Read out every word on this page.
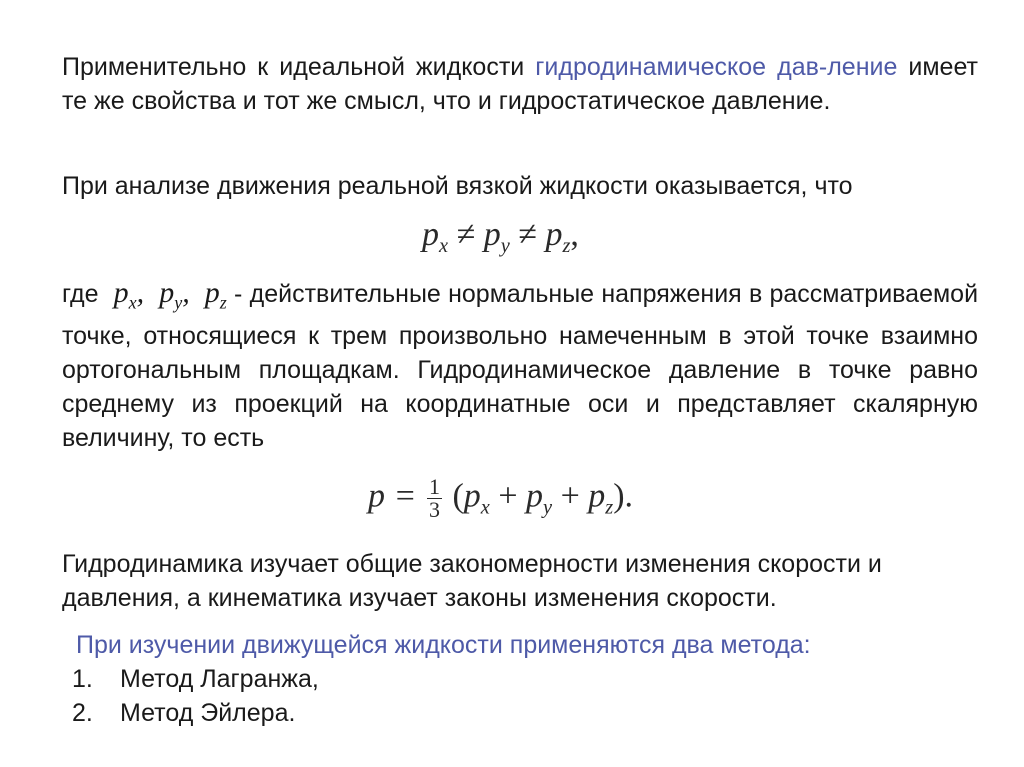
Применительно к идеальной жидкости гидродинамическое дав-ление имеет те же свойства и тот же смысл, что и гидростатическое давление.

При анализе движения реальной вязкой жидкости оказывается, что

$p_x \ne p_y \ne p_z$,

где $p_x$, $p_y$, $p_z$ - действительные нормальные напряжения в рассматриваемой точке, относящиеся к трем произвольно намеченным в этой точке взаимно ортогональным площадкам. Гидродинамическое давление в точке равно среднему из проекций на координатные оси и представляет скалярную величину, то есть

$p = \frac{1}{3} (p_x + p_y + p_z)$.

Гидродинамика изучает общие закономерности изменения скорости и давления, а кинематика изучает законы изменения скорости.

При изучении движущейся жидкости применяются два метода:
1. Метод Лагранжа,
2. Метод Эйлера.
